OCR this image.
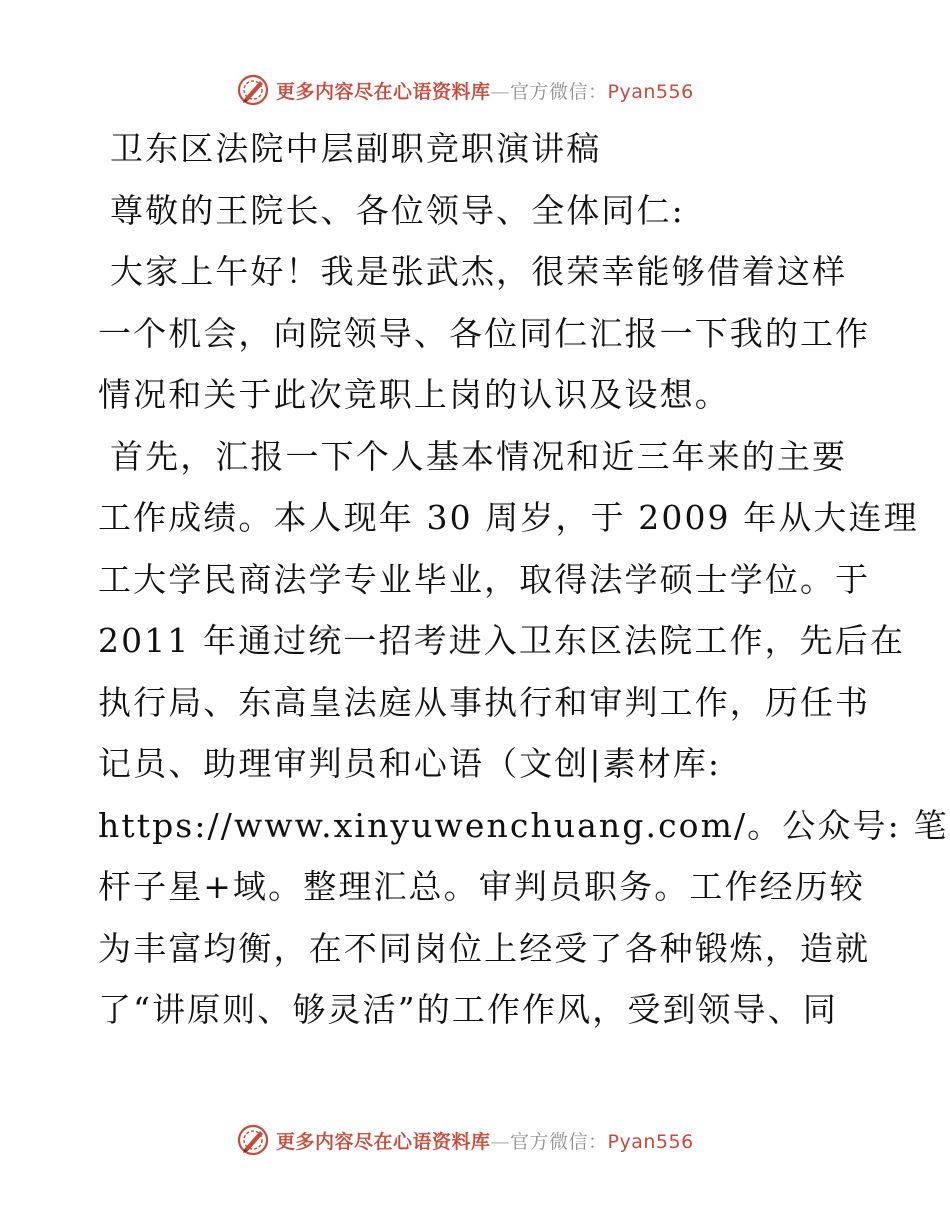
更多内容尽在心语资料库—官方微信：Pyan556
卫东区法院中层副职竞职演讲稿
尊敬的王院长、各位领导、全体同仁:
大家上午好！我是张武杰，很荣幸能够借着这样
一个机会，向院领导、各位同仁汇报一下我的工作
情况和关于此次竞职上岗的认识及设想。
首先，汇报一下个人基本情况和近三年来的主要
工作成绩。本人现年 30 周岁，于 2009 年从大连理
工大学民商法学专业毕业，取得法学硕士学位。于
2011 年通过统一招考进入卫东区法院工作，先后在
执行局、东高皇法庭从事执行和审判工作，历任书
记员、助理审判员和心语（文创|素材库:
https://www.xinyuwenchuang.com/。公众号: 笔
杆子星+域。整理汇总。审判员职务。工作经历较
为丰富均衡，在不同岗位上经受了各种锻炼，造就
了“讲原则、够灵活”的工作作风，受到领导、同
更多内容尽在心语资料库—官方微信：Pyan556
